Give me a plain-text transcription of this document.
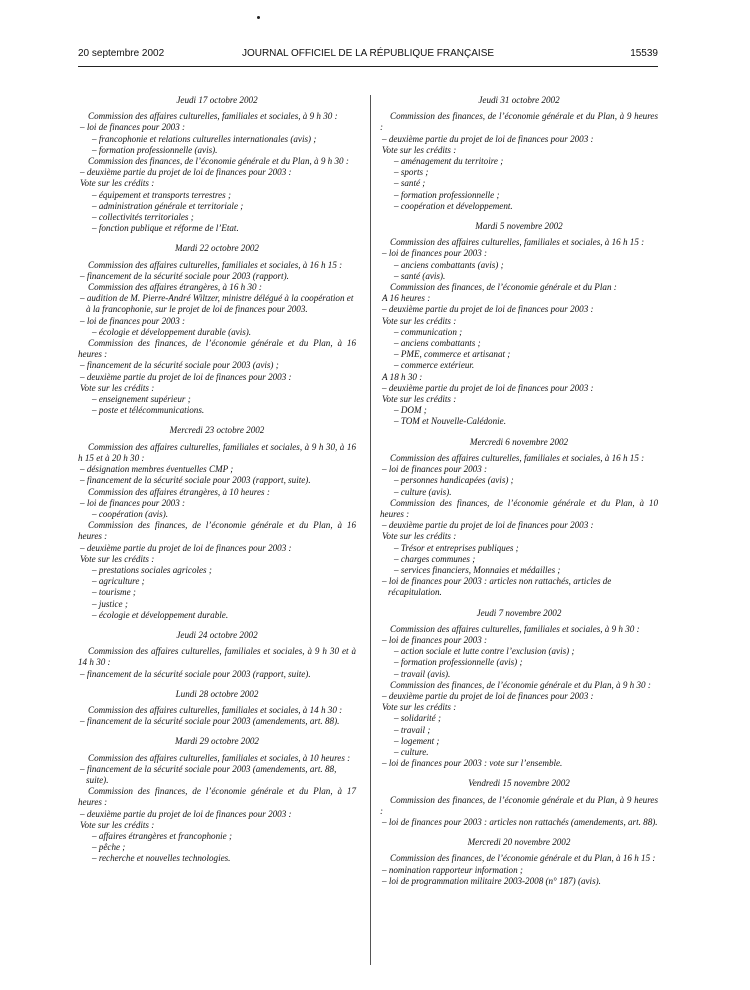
20 septembre 2002	JOURNAL OFFICIEL DE LA RÉPUBLIQUE FRANÇAISE	15539
Jeudi 17 octobre 2002
Commission des affaires culturelles, familiales et sociales, à 9 h 30 :
– loi de finances pour 2003 :
– francophonie et relations culturelles internationales (avis) ;
– formation professionnelle (avis).
Commission des finances, de l’économie générale et du Plan, à 9 h 30 :
– deuxième partie du projet de loi de finances pour 2003 :
Vote sur les crédits :
– équipement et transports terrestres ;
– administration générale et territoriale ;
– collectivités territoriales ;
– fonction publique et réforme de l’Etat.
Mardi 22 octobre 2002
Commission des affaires culturelles, familiales et sociales, à 16 h 15 :
– financement de la sécurité sociale pour 2003 (rapport).
Commission des affaires étrangères, à 16 h 30 :
– audition de M. Pierre-André Wiltzer, ministre délégué à la coopération et à la francophonie, sur le projet de loi de finances pour 2003.
– loi de finances pour 2003 :
– écologie et développement durable (avis).
Commission des finances, de l’économie générale et du Plan, à 16 heures :
– financement de la sécurité sociale pour 2003 (avis) ;
– deuxième partie du projet de loi de finances pour 2003 :
Vote sur les crédits :
– enseignement supérieur ;
– poste et télécommunications.
Mercredi 23 octobre 2002
Commission des affaires culturelles, familiales et sociales, à 9 h 30, à 16 h 15 et à 20 h 30 :
– désignation membres éventuelles CMP ;
– financement de la sécurité sociale pour 2003 (rapport, suite).
Commission des affaires étrangères, à 10 heures :
– loi de finances pour 2003 :
– coopération (avis).
Commission des finances, de l’économie générale et du Plan, à 16 heures :
– deuxième partie du projet de loi de finances pour 2003 :
Vote sur les crédits :
– prestations sociales agricoles ;
– agriculture ;
– tourisme ;
– justice ;
– écologie et développement durable.
Jeudi 24 octobre 2002
Commission des affaires culturelles, familiales et sociales, à 9 h 30 et à 14 h 30 :
– financement de la sécurité sociale pour 2003 (rapport, suite).
Lundi 28 octobre 2002
Commission des affaires culturelles, familiales et sociales, à 14 h 30 :
– financement de la sécurité sociale pour 2003 (amendements, art. 88).
Mardi 29 octobre 2002
Commission des affaires culturelles, familiales et sociales, à 10 heures :
– financement de la sécurité sociale pour 2003 (amendements, art. 88, suite).
Commission des finances, de l’économie générale et du Plan, à 17 heures :
– deuxième partie du projet de loi de finances pour 2003 :
Vote sur les crédits :
– affaires étrangères et francophonie ;
– pêche ;
– recherche et nouvelles technologies.
Jeudi 31 octobre 2002
Commission des finances, de l’économie générale et du Plan, à 9 heures :
– deuxième partie du projet de loi de finances pour 2003 :
Vote sur les crédits :
– aménagement du territoire ;
– sports ;
– santé ;
– formation professionnelle ;
– coopération et développement.
Mardi 5 novembre 2002
Commission des affaires culturelles, familiales et sociales, à 16 h 15 :
– loi de finances pour 2003 :
– anciens combattants (avis) ;
– santé (avis).
Commission des finances, de l’économie générale et du Plan :
A 16 heures :
– deuxième partie du projet de loi de finances pour 2003 :
Vote sur les crédits :
– communication ;
– anciens combattants ;
– PME, commerce et artisanat ;
– commerce extérieur.
A 18 h 30 :
– deuxième partie du projet de loi de finances pour 2003 :
Vote sur les crédits :
– DOM ;
– TOM et Nouvelle-Calédonie.
Mercredi 6 novembre 2002
Commission des affaires culturelles, familiales et sociales, à 16 h 15 :
– loi de finances pour 2003 :
– personnes handicapées (avis) ;
– culture (avis).
Commission des finances, de l’économie générale et du Plan, à 10 heures :
– deuxième partie du projet de loi de finances pour 2003 :
Vote sur les crédits :
– Trésor et entreprises publiques ;
– charges communes ;
– services financiers, Monnaies et médailles ;
– loi de finances pour 2003 : articles non rattachés, articles de récapitulation.
Jeudi 7 novembre 2002
Commission des affaires culturelles, familiales et sociales, à 9 h 30 :
– loi de finances pour 2003 :
– action sociale et lutte contre l’exclusion (avis) ;
– formation professionnelle (avis) ;
– travail (avis).
Commission des finances, de l’économie générale et du Plan, à 9 h 30 :
– deuxième partie du projet de loi de finances pour 2003 :
Vote sur les crédits :
– solidarité ;
– travail ;
– logement ;
– culture.
– loi de finances pour 2003 : vote sur l’ensemble.
Vendredi 15 novembre 2002
Commission des finances, de l’économie générale et du Plan, à 9 heures :
– loi de finances pour 2003 : articles non rattachés (amendements, art. 88).
Mercredi 20 novembre 2002
Commission des finances, de l’économie générale et du Plan, à 16 h 15 :
– nomination rapporteur information ;
– loi de programmation militaire 2003-2008 (n° 187) (avis).
